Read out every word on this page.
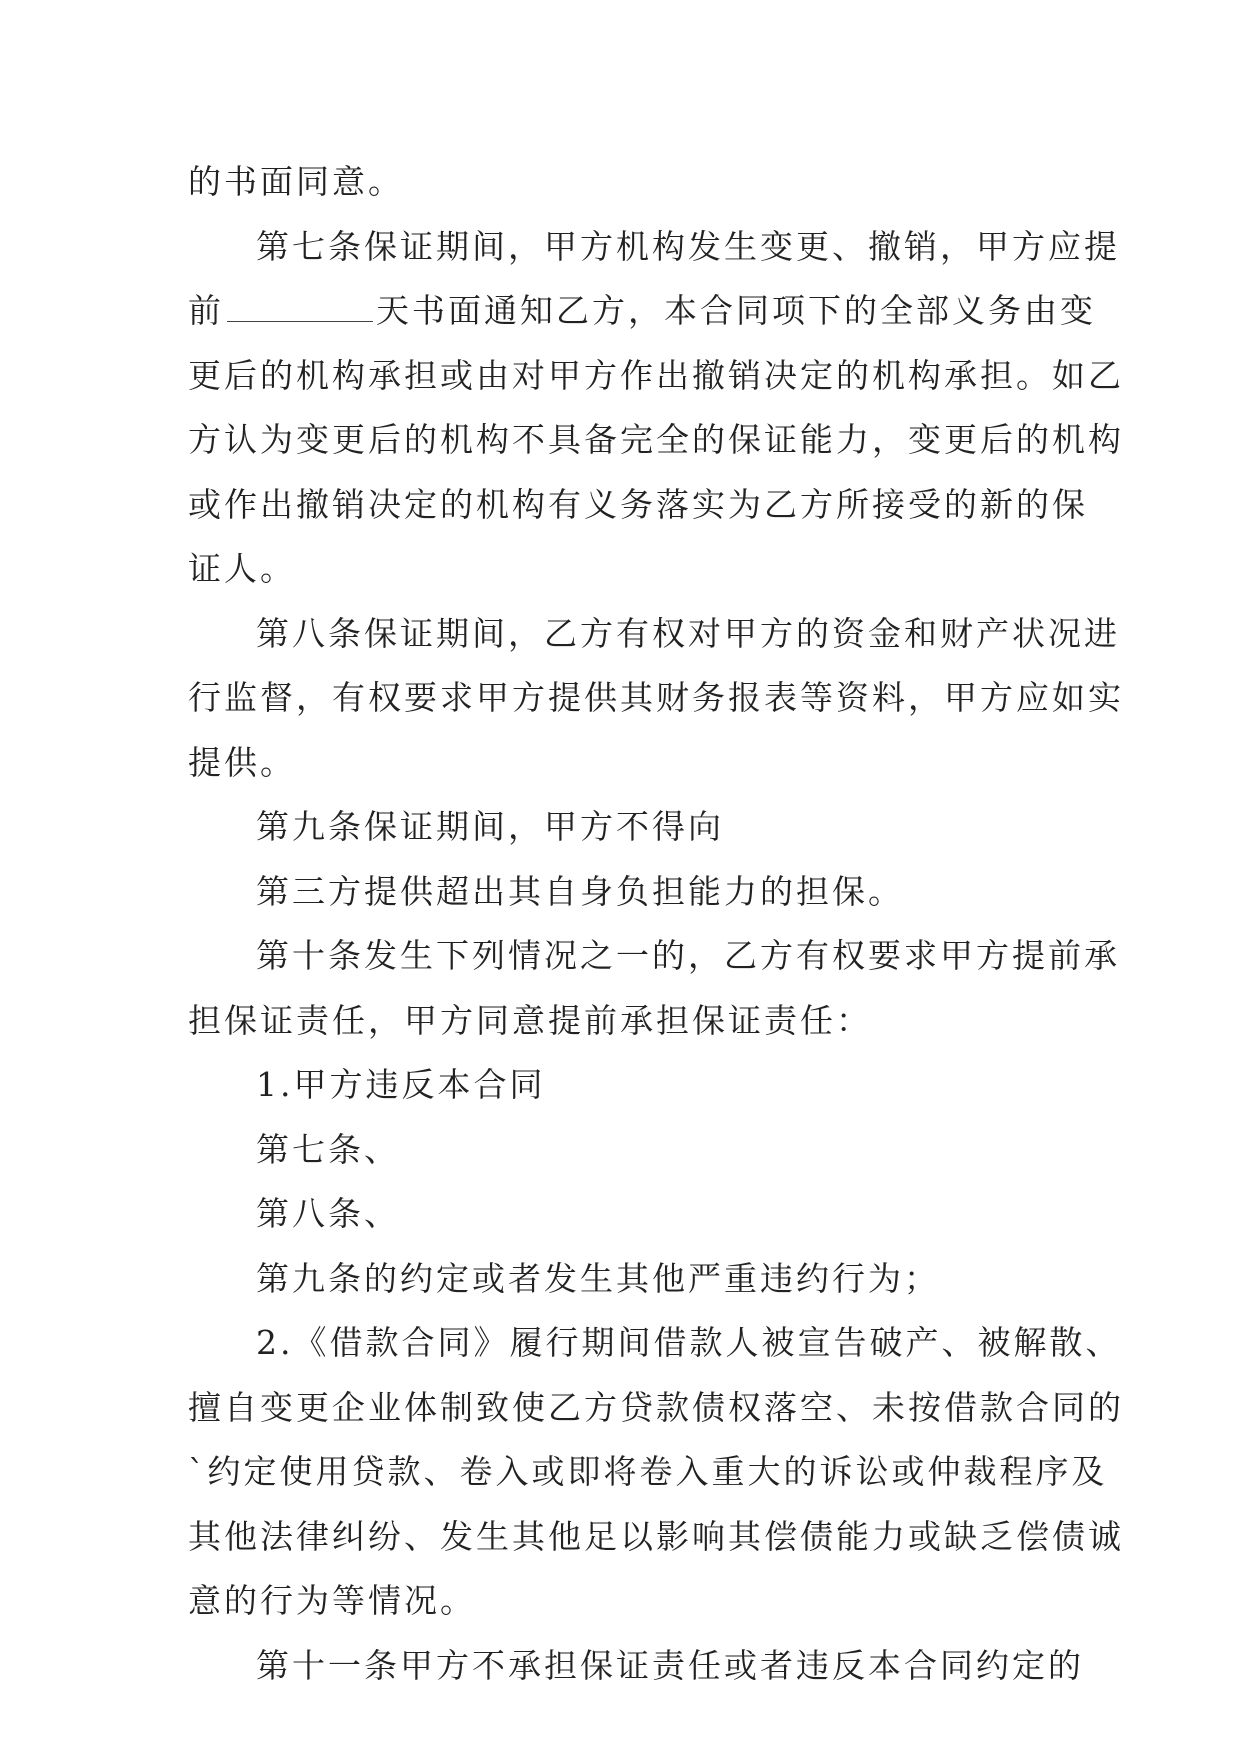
的书面同意。
第七条保证期间，甲方机构发生变更、撤销，甲方应提
前	天书面通知乙方，本合同项下的全部义务由变
更后的机构承担或由对甲方作出撤销决定的机构承担。如乙
方认为变更后的机构不具备完全的保证能力，变更后的机构
或作出撤销决定的机构有义务落实为乙方所接受的新的保
证人。
第八条保证期间，乙方有权对甲方的资金和财产状况进
行监督，有权要求甲方提供其财务报表等资料，甲方应如实
提供。
第九条保证期间，甲方不得向
第三方提供超出其自身负担能力的担保。
第十条发生下列情况之一的，乙方有权要求甲方提前承
担保证责任，甲方同意提前承担保证责任：
1.甲方违反本合同
第七条、
第八条、
第九条的约定或者发生其他严重违约行为；
2.《借款合同》履行期间借款人被宣告破产、被解散、
擅自变更企业体制致使乙方贷款债权落空、未按借款合同的
`约定使用贷款、卷入或即将卷入重大的诉讼或仲裁程序及
其他法律纠纷、发生其他足以影响其偿债能力或缺乏偿债诚
意的行为等情况。
第十一条甲方不承担保证责任或者违反本合同约定的
